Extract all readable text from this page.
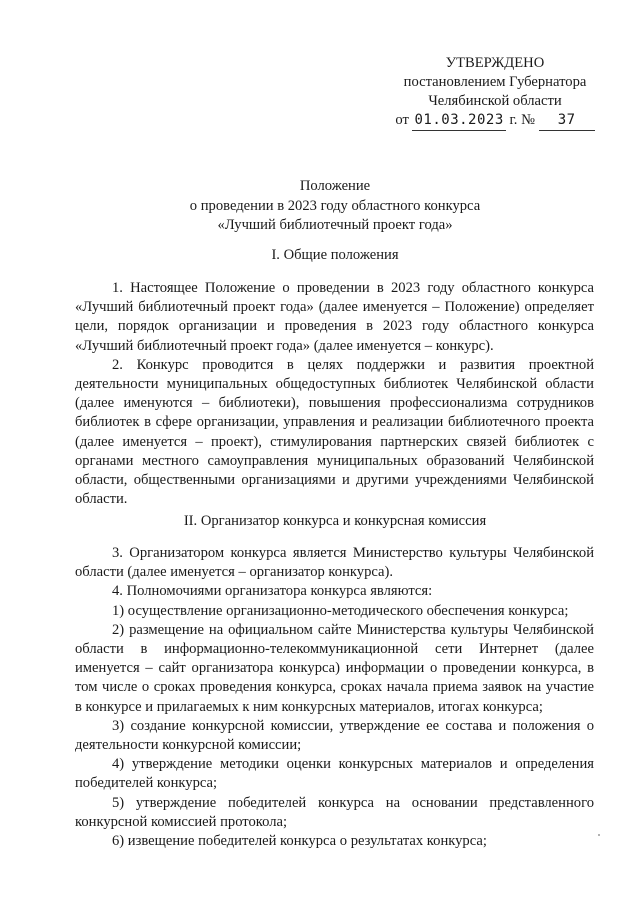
УТВЕРЖДЕНО
постановлением Губернатора
Челябинской области
от 01.03.2023 г. № 37
Положение
о проведении в 2023 году областного конкурса
«Лучший библиотечный проект года»
I. Общие положения

1. Настоящее Положение о проведении в 2023 году областного конкурса «Лучший библиотечный проект года» (далее именуется – Положение) определяет цели, порядок организации и проведения в 2023 году областного конкурса «Лучший библиотечный проект года» (далее именуется – конкурс).

2. Конкурс проводится в целях поддержки и развития проектной деятельности муниципальных общедоступных библиотек Челябинской области (далее именуются – библиотеки), повышения профессионализма сотрудников библиотек в сфере организации, управления и реализации библиотечного проекта (далее именуется – проект), стимулирования партнерских связей библиотек с органами местного самоуправления муниципальных образований Челябинской области, общественными организациями и другими учреждениями Челябинской области.

II. Организатор конкурса и конкурсная комиссия

3. Организатором конкурса является Министерство культуры Челябинской области (далее именуется – организатор конкурса).

4. Полномочиями организатора конкурса являются:

1) осуществление организационно-методического обеспечения конкурса;

2) размещение на официальном сайте Министерства культуры Челябинской области в информационно-телекоммуникационной сети Интернет (далее именуется – сайт организатора конкурса) информации о проведении конкурса, в том числе о сроках проведения конкурса, сроках начала приема заявок на участие в конкурсе и прилагаемых к ним конкурсных материалов, итогах конкурса;

3) создание конкурсной комиссии, утверждение ее состава и положения о деятельности конкурсной комиссии;

4) утверждение методики оценки конкурсных материалов и определения победителей конкурса;

5) утверждение победителей конкурса на основании представленного конкурсной комиссией протокола;

6) извещение победителей конкурса о результатах конкурса;
